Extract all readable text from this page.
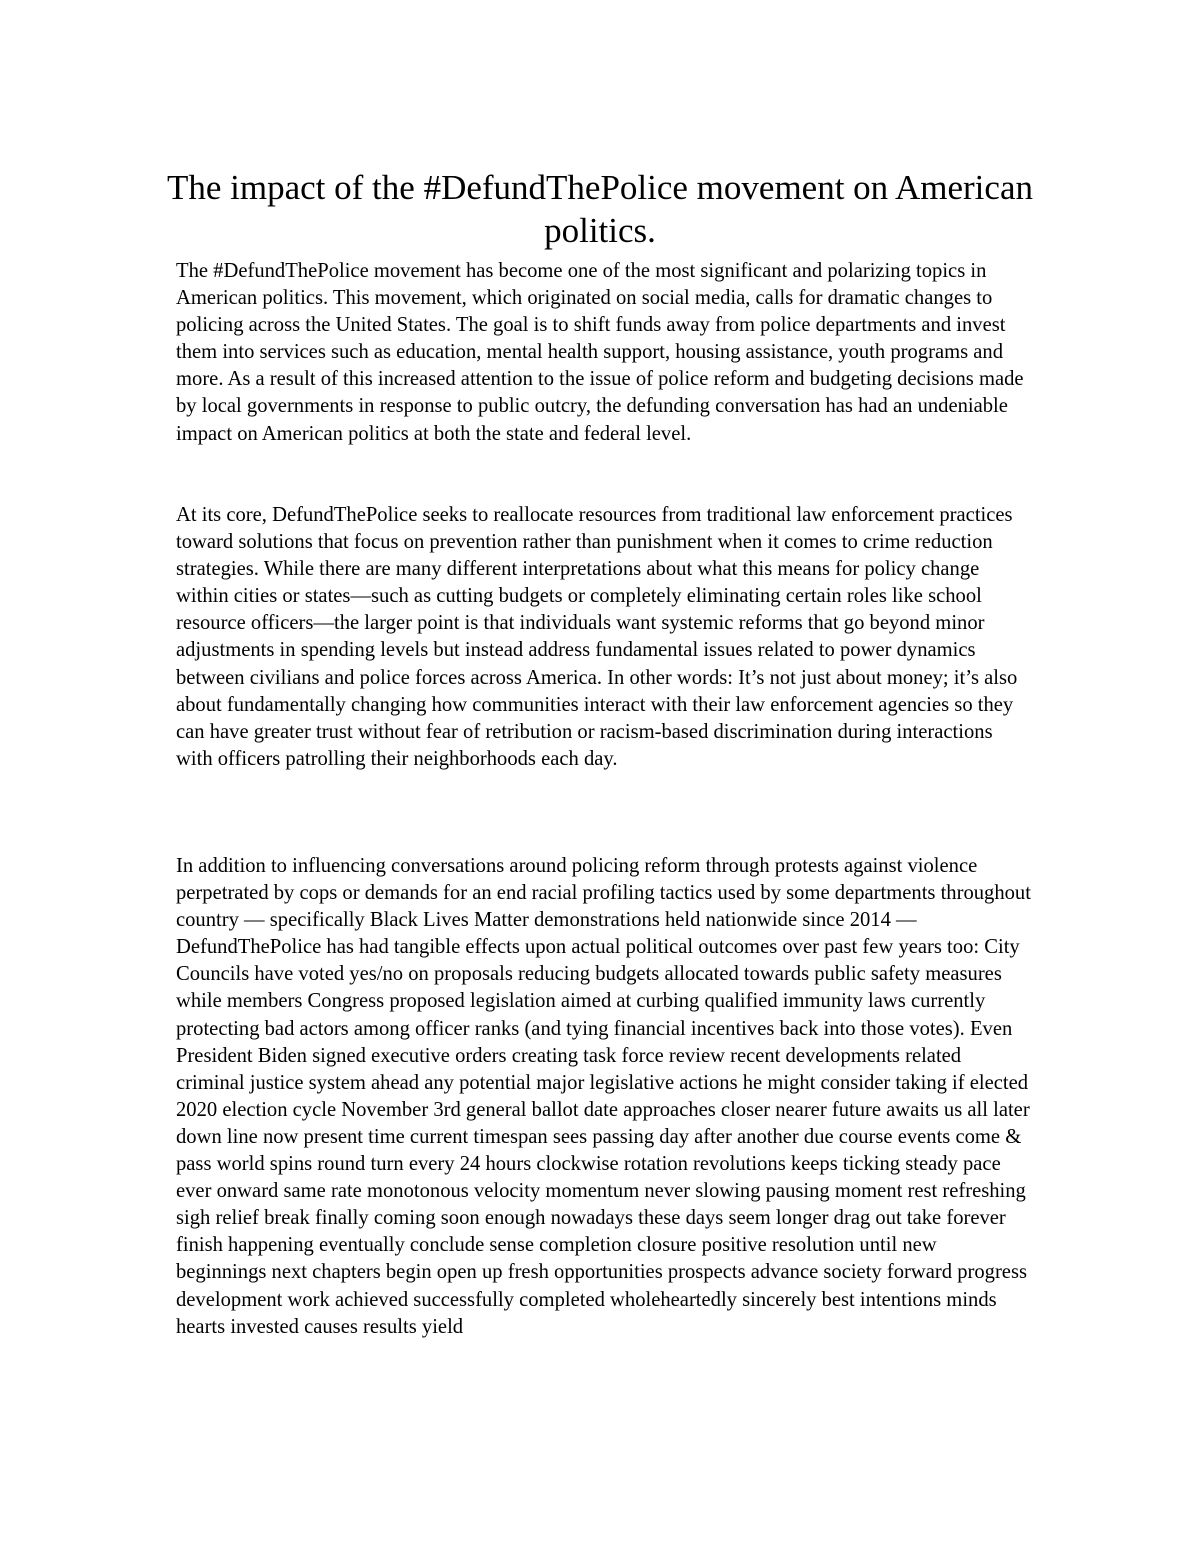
The impact of the #DefundThePolice movement on American politics.

The #DefundThePolice movement has become one of the most significant and polarizing topics in American politics. This movement, which originated on social media, calls for dramatic changes to policing across the United States. The goal is to shift funds away from police departments and invest them into services such as education, mental health support, housing assistance, youth programs and more. As a result of this increased attention to the issue of police reform and budgeting decisions made by local governments in response to public outcry, the defunding conversation has had an undeniable impact on American politics at both the state and federal level.

At its core, DefundThePolice seeks to reallocate resources from traditional law enforcement practices toward solutions that focus on prevention rather than punishment when it comes to crime reduction strategies. While there are many different interpretations about what this means for policy change within cities or states—such as cutting budgets or completely eliminating certain roles like school resource officers—the larger point is that individuals want systemic reforms that go beyond minor adjustments in spending levels but instead address fundamental issues related to power dynamics between civilians and police forces across America. In other words: It’s not just about money; it’s also about fundamentally changing how communities interact with their law enforcement agencies so they can have greater trust without fear of retribution or racism-based discrimination during interactions with officers patrolling their neighborhoods each day.

In addition to influencing conversations around policing reform through protests against violence perpetrated by cops or demands for an end racial profiling tactics used by some departments throughout country — specifically Black Lives Matter demonstrations held nationwide since 2014 — DefundThePolice has had tangible effects upon actual political outcomes over past few years too: City Councils have voted yes/no on proposals reducing budgets allocated towards public safety measures while members Congress proposed legislation aimed at curbing qualified immunity laws currently protecting bad actors among officer ranks (and tying financial incentives back into those votes). Even President Biden signed executive orders creating task force review recent developments related criminal justice system ahead any potential major legislative actions he might consider taking if elected 2020 election cycle November 3rd general ballot date approaches closer nearer future awaits us all later down line now present time current timespan sees passing day after another due course events come & pass world spins round turn every 24 hours clockwise rotation revolutions keeps ticking steady pace ever onward same rate monotonous velocity momentum never slowing pausing moment rest refreshing sigh relief break finally coming soon enough nowadays these days seem longer drag out take forever finish happening eventually conclude sense completion closure positive resolution until new beginnings next chapters begin open up fresh opportunities prospects advance society forward progress development work achieved successfully completed wholeheartedly sincerely best intentions minds hearts invested causes results yield
